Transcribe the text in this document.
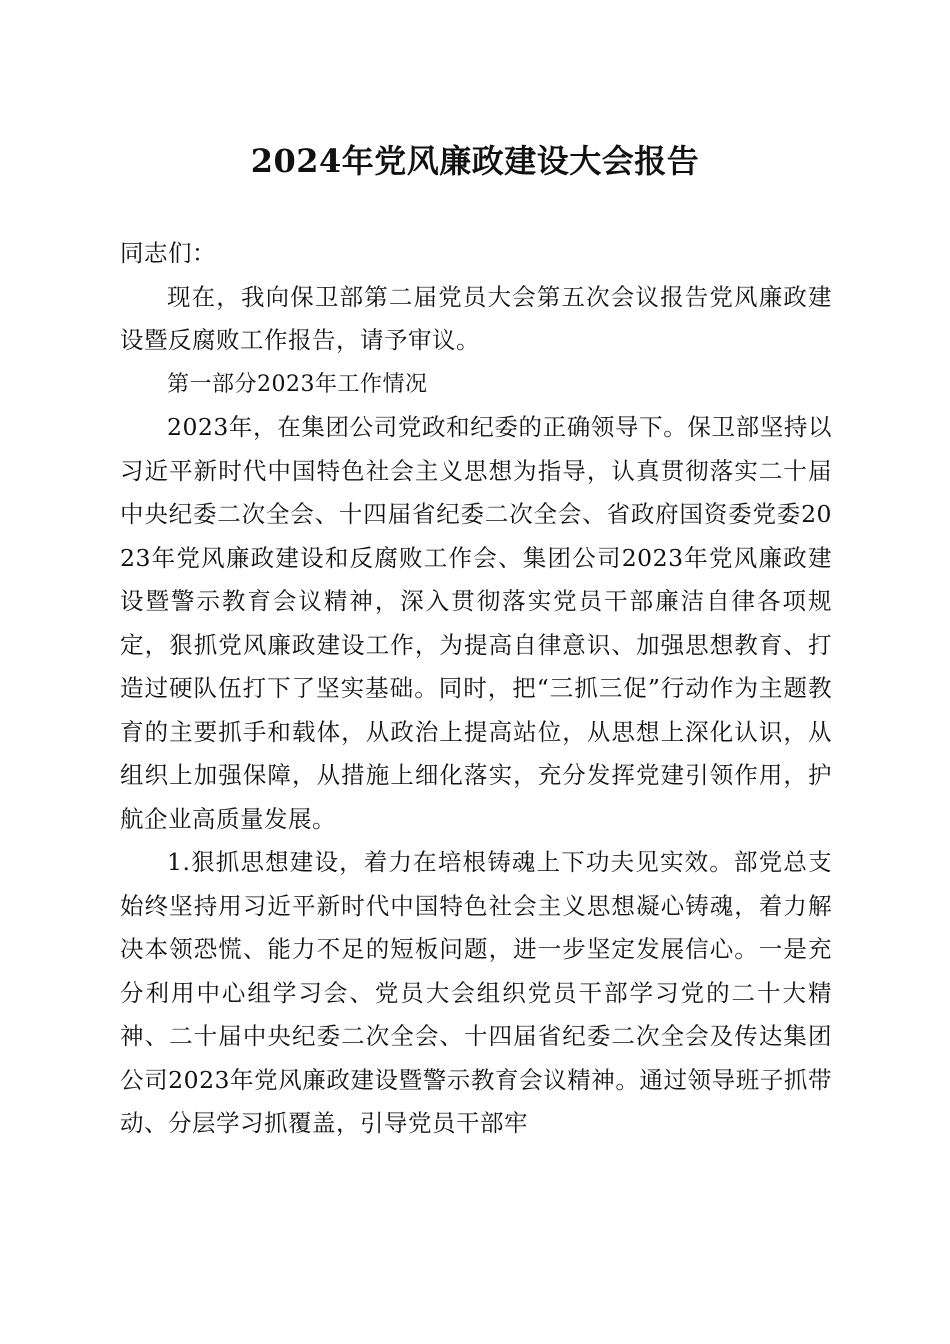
2024年党风廉政建设大会报告

同志们：

现在，我向保卫部第二届党员大会第五次会议报告党风廉政建设暨反腐败工作报告，请予审议。

第一部分2023年工作情况

2023年，在集团公司党政和纪委的正确领导下。保卫部坚持以习近平新时代中国特色社会主义思想为指导，认真贯彻落实二十届中央纪委二次全会、十四届省纪委二次全会、省政府国资委党委2023年党风廉政建设和反腐败工作会、集团公司2023年党风廉政建设暨警示教育会议精神，深入贯彻落实党员干部廉洁自律各项规定，狠抓党风廉政建设工作，为提高自律意识、加强思想教育、打造过硬队伍打下了坚实基础。同时，把“三抓三促”行动作为主题教育的主要抓手和载体，从政治上提高站位，从思想上深化认识，从组织上加强保障，从措施上细化落实，充分发挥党建引领作用，护航企业高质量发展。

1.狠抓思想建设，着力在培根铸魂上下功夫见实效。部党总支始终坚持用习近平新时代中国特色社会主义思想凝心铸魂，着力解决本领恐慌、能力不足的短板问题，进一步坚定发展信心。一是充分利用中心组学习会、党员大会组织党员干部学习党的二十大精神、二十届中央纪委二次全会、十四届省纪委二次全会及传达集团公司2023年党风廉政建设暨警示教育会议精神。通过领导班子抓带动、分层学习抓覆盖，引导党员干部牢
